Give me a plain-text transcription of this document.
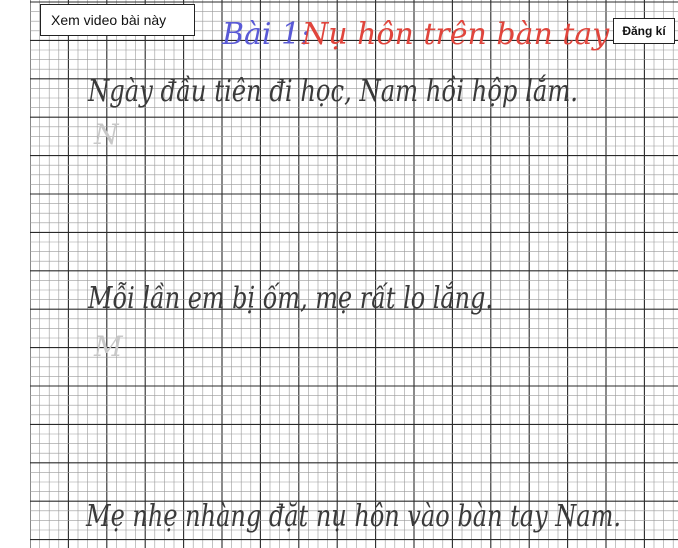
Bài 1:
Nụ hôn trên bàn tay
Ngày đầu tiên đi học, Nam hồi hộp lắm.
N
Mỗi lần em bị ốm, mẹ rất lo lắng.
M
Mẹ nhẹ nhàng đặt nụ hôn vào bàn tay Nam.
Xem video bài này
Đăng kí
